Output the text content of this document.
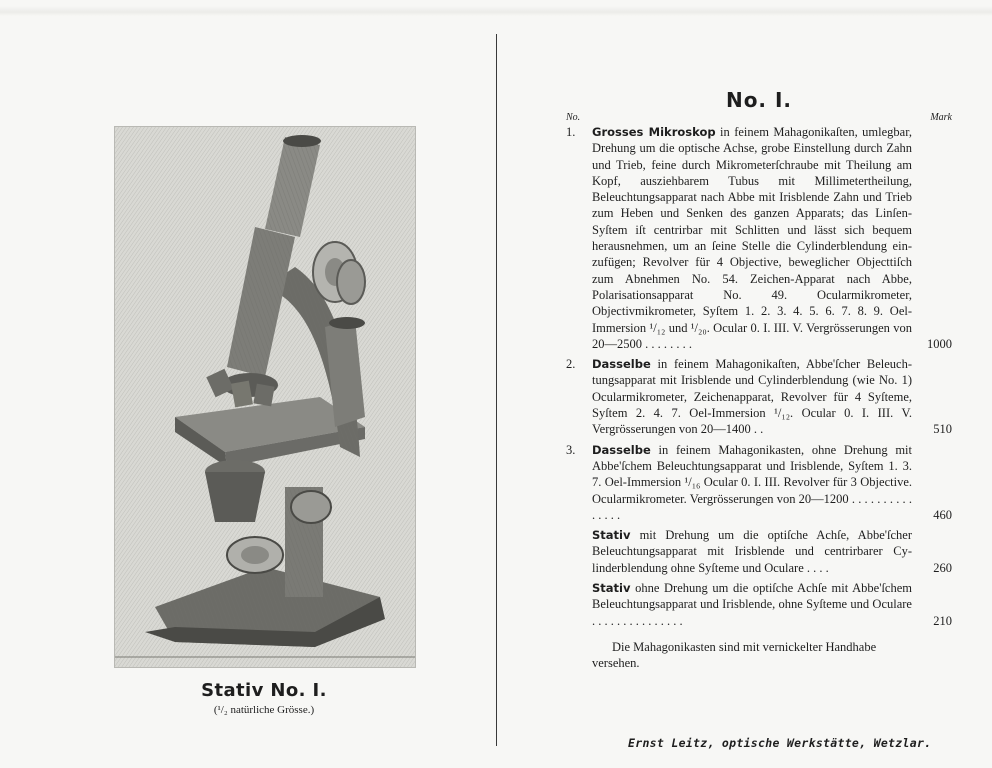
Stativ No. I.
(¹/₂ natürliche Grösse.)
No. I.
No.	Mark
1.	Grosses Mikroskop in feinem Mahagonikaſten, umlegbar, Drehung um die optische Achse, grobe Einstellung durch Zahn und Trieb, feine durch Mikrometerſchraube mit Theilung am Kopf, ausziehbarem Tubus mit Millimetertheilung, Beleuchtungsapparat nach Abbe mit Irisblende Zahn und Trieb zum Heben und Senken des ganzen Apparats; das Linſen-Syſtem iſt centrirbar mit Schlitten und lässt sich bequem herausnehmen, um an ſeine Stelle die Cylinderblendung einzufügen; Revolver für 4 Objective, beweglicher Objecttiſch zum Abnehmen No. 54. Zeichen-Apparat nach Abbe, Polarisationsapparat No. 49. Ocularmikrometer, Objectivmikrometer, Syſtem 1. 2. 3. 4. 5. 6. 7. 8. 9. Oel-Immersion ¹/₁₂ und ¹/₂₀. Ocular 0. I. III. V. Vergrösserungen von 20—2500 . . . . . . . .	1000
2.	Dasselbe in feinem Mahagonikaſten, Abbe'ſcher Beleuchtungsapparat mit Irisblende und Cylinderblendung (wie No. 1) Ocularmikrometer, Zeichenapparat, Revolver für 4 Syſteme, Syſtem 2. 4. 7. Oel-Immersion ¹/₁₂. Ocular 0. I. III. V. Vergrösserungen von 20—1400 . .	510
3.	Dasselbe in feinem Mahagonikasten, ohne Drehung mit Abbe'ſchem Beleuchtungsapparat und Irisblende, Syſtem 1. 3. 7. Oel-Immersion ¹/₁₆ Ocular 0. I. III. Revolver für 3 Objective. Ocularmikrometer. Vergrösserungen von 20—1200 . . . . . . . . . . . . . . .	460
Stativ mit Drehung um die optiſche Achſe, Abbe'ſcher Beleuchtungsapparat mit Irisblende und centrirbarer Cylinderblendung ohne Syſteme und Oculare . . . .	260
Stativ ohne Drehung um die optiſche Achſe mit Abbe'ſchem Beleuchtungsapparat und Irisblende, ohne Syſteme und Oculare . . . . . . . . . . . . . . .	210
Die Mahagonikasten sind mit vernickelter Handhabe versehen.
Ernst Leitz, optische Werkstätte, Wetzlar.
